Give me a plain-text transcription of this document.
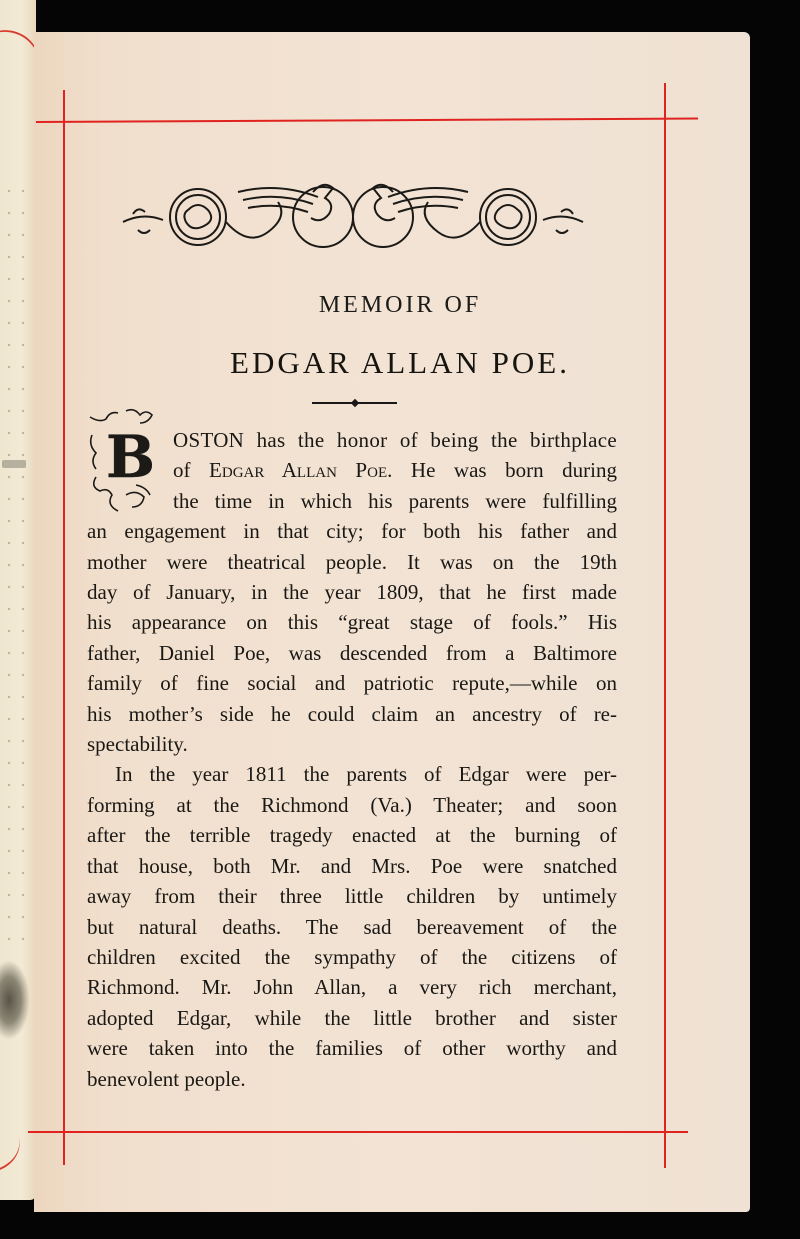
MEMOIR OF
EDGAR ALLAN POE.
B OSTON has the honor of being the birthplace
of Edgar Allan Poe. He was born during
the time in which his parents were fulfilling
an engagement in that city; for both his father and
mother were theatrical people. It was on the 19th
day of January, in the year 1809, that he first made
his appearance on this “great stage of fools.” His
father, Daniel Poe, was descended from a Baltimore
family of fine social and patriotic repute,—while on
his mother’s side he could claim an ancestry of re-
spectability.
In the year 1811 the parents of Edgar were per-
forming at the Richmond (Va.) Theater; and soon
after the terrible tragedy enacted at the burning of
that house, both Mr. and Mrs. Poe were snatched
away from their three little children by untimely
but natural deaths. The sad bereavement of the
children excited the sympathy of the citizens of
Richmond. Mr. John Allan, a very rich merchant,
adopted Edgar, while the little brother and sister
were taken into the families of other worthy and
benevolent people.
